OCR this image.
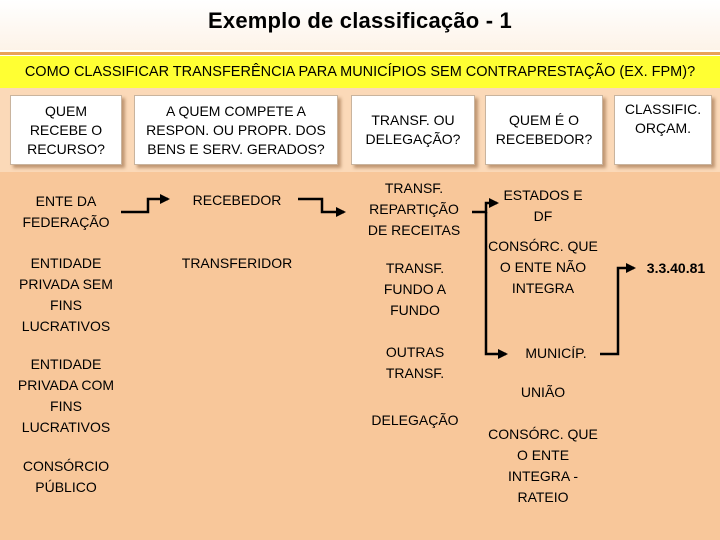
Exemplo de classificação - 1
COMO CLASSIFICAR TRANSFERÊNCIA PARA MUNICÍPIOS SEM CONTRAPRESTAÇÃO (EX. FPM)?
QUEM RECEBE O RECURSO?
A QUEM COMPETE A RESPON. OU PROPR. DOS BENS E SERV. GERADOS?
TRANSF. OU DELEGAÇÃO?
QUEM É O RECEBEDOR?
CLASSIFIC. ORÇAM.
ENTE DA FEDERAÇÃO
ENTIDADE PRIVADA SEM FINS LUCRATIVOS
ENTIDADE PRIVADA COM FINS LUCRATIVOS
CONSÓRCIO PÚBLICO
RECEBEDOR
TRANSFERIDOR
TRANSF. REPARTIÇÃO DE RECEITAS
TRANSF. FUNDO A FUNDO
OUTRAS TRANSF.
DELEGAÇÃO
ESTADOS E DF
CONSÓRC. QUE O ENTE NÃO INTEGRA
MUNICÍP.
UNIÃO
CONSÓRC. QUE O ENTE INTEGRA - RATEIO
3.3.40.81
